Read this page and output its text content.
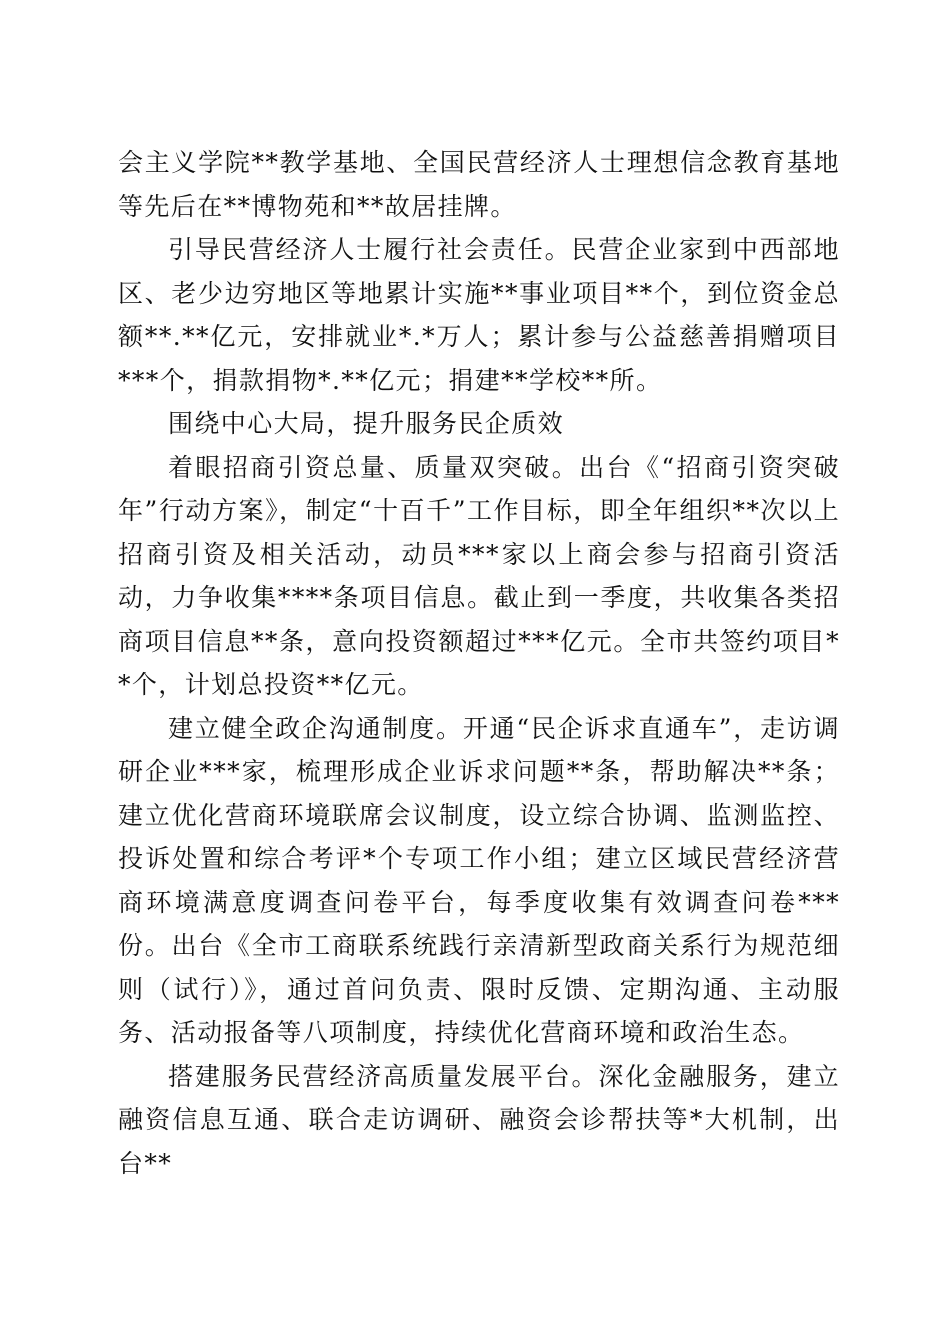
会主义学院**教学基地、全国民营经济人士理想信念教育基地等先后在**博物苑和**故居挂牌。

引导民营经济人士履行社会责任。民营企业家到中西部地区、老少边穷地区等地累计实施**事业项目**个，到位资金总额**.**亿元，安排就业*.*万人；累计参与公益慈善捐赠项目***个，捐款捐物*.**亿元；捐建**学校**所。

围绕中心大局，提升服务民企质效

着眼招商引资总量、质量双突破。出台《“招商引资突破年”行动方案》，制定“十百千”工作目标，即全年组织**次以上招商引资及相关活动，动员***家以上商会参与招商引资活动，力争收集****条项目信息。截止到一季度，共收集各类招商项目信息**条，意向投资额超过***亿元。全市共签约项目**个，计划总投资**亿元。

建立健全政企沟通制度。开通“民企诉求直通车”，走访调研企业***家，梳理形成企业诉求问题**条，帮助解决**条；建立优化营商环境联席会议制度，设立综合协调、监测监控、投诉处置和综合考评*个专项工作小组；建立区域民营经济营商环境满意度调查问卷平台，每季度收集有效调查问卷***份。出台《全市工商联系统践行亲清新型政商关系行为规范细则（试行）》，通过首问负责、限时反馈、定期沟通、主动服务、活动报备等八项制度，持续优化营商环境和政治生态。

搭建服务民营经济高质量发展平台。深化金融服务，建立融资信息互通、联合走访调研、融资会诊帮扶等*大机制，出台**
